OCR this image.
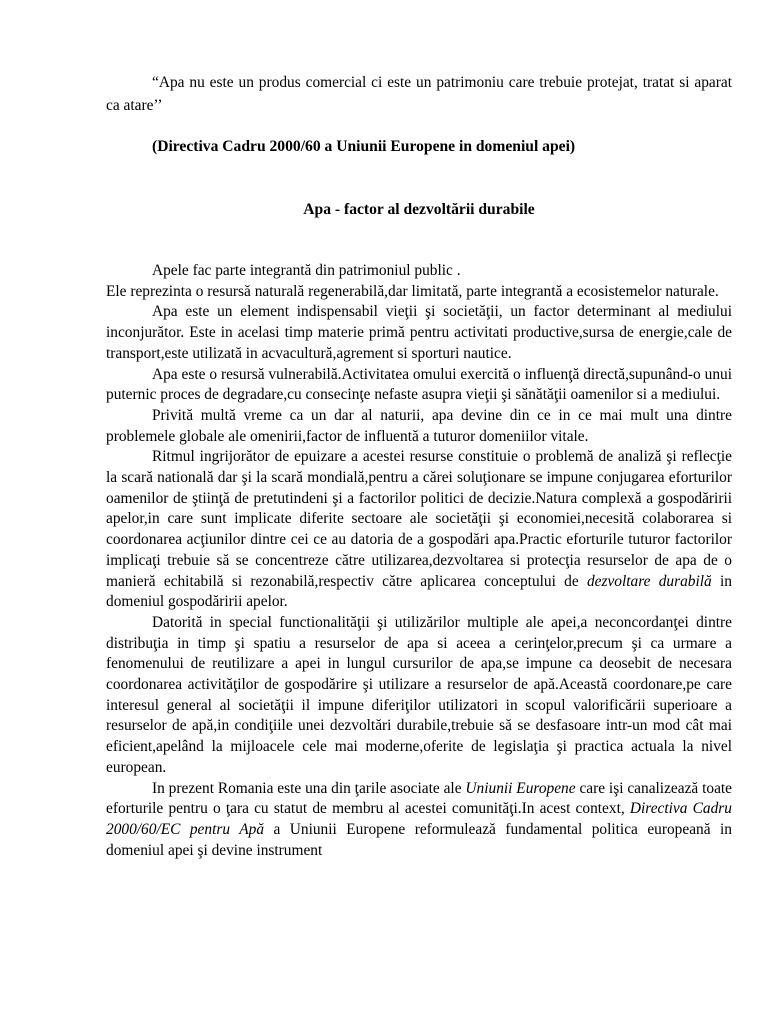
“Apa nu este un produs comercial ci este un patrimoniu care trebuie protejat, tratat si aparat ca atare’’
(Directiva Cadru 2000/60 a Uniunii Europene in domeniul apei)
Apa - factor al dezvoltării durabile

Apele fac parte integrantă din patrimoniul public .

Ele reprezinta o resursă naturală regenerabilă,dar limitată, parte integrantă a ecosistemelor naturale.

Apa este un element indispensabil vieţii şi societăţii, un factor determinant al mediului inconjurător. Este in acelasi timp materie primă pentru activitati productive,sursa de energie,cale de transport,este utilizată in acvacultură,agrement si sporturi nautice.

Apa este o resursă vulnerabilă.Activitatea omului exercită o influenţă directă,supunând-o unui puternic proces de degradare,cu consecinţe nefaste asupra vieţii şi sănătăţii oamenilor si a mediului.

Privită multă vreme ca un dar al naturii, apa devine din ce in ce mai mult una dintre problemele globale ale omenirii,factor de influentă a tuturor domeniilor vitale.

Ritmul ingrijorător de epuizare a acestei resurse constituie o problemă de analiză şi reflecţie la scară natională dar şi la scară mondială,pentru a cărei soluţionare se impune conjugarea eforturilor oamenilor de ştiinţă de pretutindeni şi a factorilor politici de decizie.Natura complexă a gospodăririi apelor,in care sunt implicate diferite sectoare ale societăţii şi economiei,necesită colaborarea si coordonarea acţiunilor dintre cei ce au datoria de a gospodări apa.Practic eforturile tuturor factorilor implicaţi trebuie să se concentreze către utilizarea,dezvoltarea si protecţia resurselor de apa de o manieră echitabilă si rezonabilă,respectiv către aplicarea conceptului de dezvoltare durabilă in domeniul gospodăririi apelor.

Datorită in special functionalităţii şi utilizărilor multiple ale apei,a neconcordanţei dintre distribuţia in timp şi spatiu a resurselor de apa si aceea a cerinţelor,precum şi ca urmare a fenomenului de reutilizare a apei in lungul cursurilor de apa,se impune ca deosebit de necesara coordonarea activităţilor de gospodărire şi utilizare a resurselor de apă.Această coordonare,pe care interesul general al societăţii il impune diferiţilor utilizatori in scopul valorificării superioare a resurselor de apă,in condiţiile unei dezvoltări durabile,trebuie să se desfasoare intr-un mod cât mai eficient,apelând la mijloacele cele mai moderne,oferite de legislaţia şi practica actuala la nivel european.

In prezent Romania este una din ţarile asociate ale Uniunii Europene care işi canalizează toate eforturile pentru o ţara cu statut de membru al acestei comunităţi.In acest context, Directiva Cadru 2000/60/EC pentru Apă a Uniunii Europene reformulează fundamental politica europeană in domeniul apei şi devine instrument
